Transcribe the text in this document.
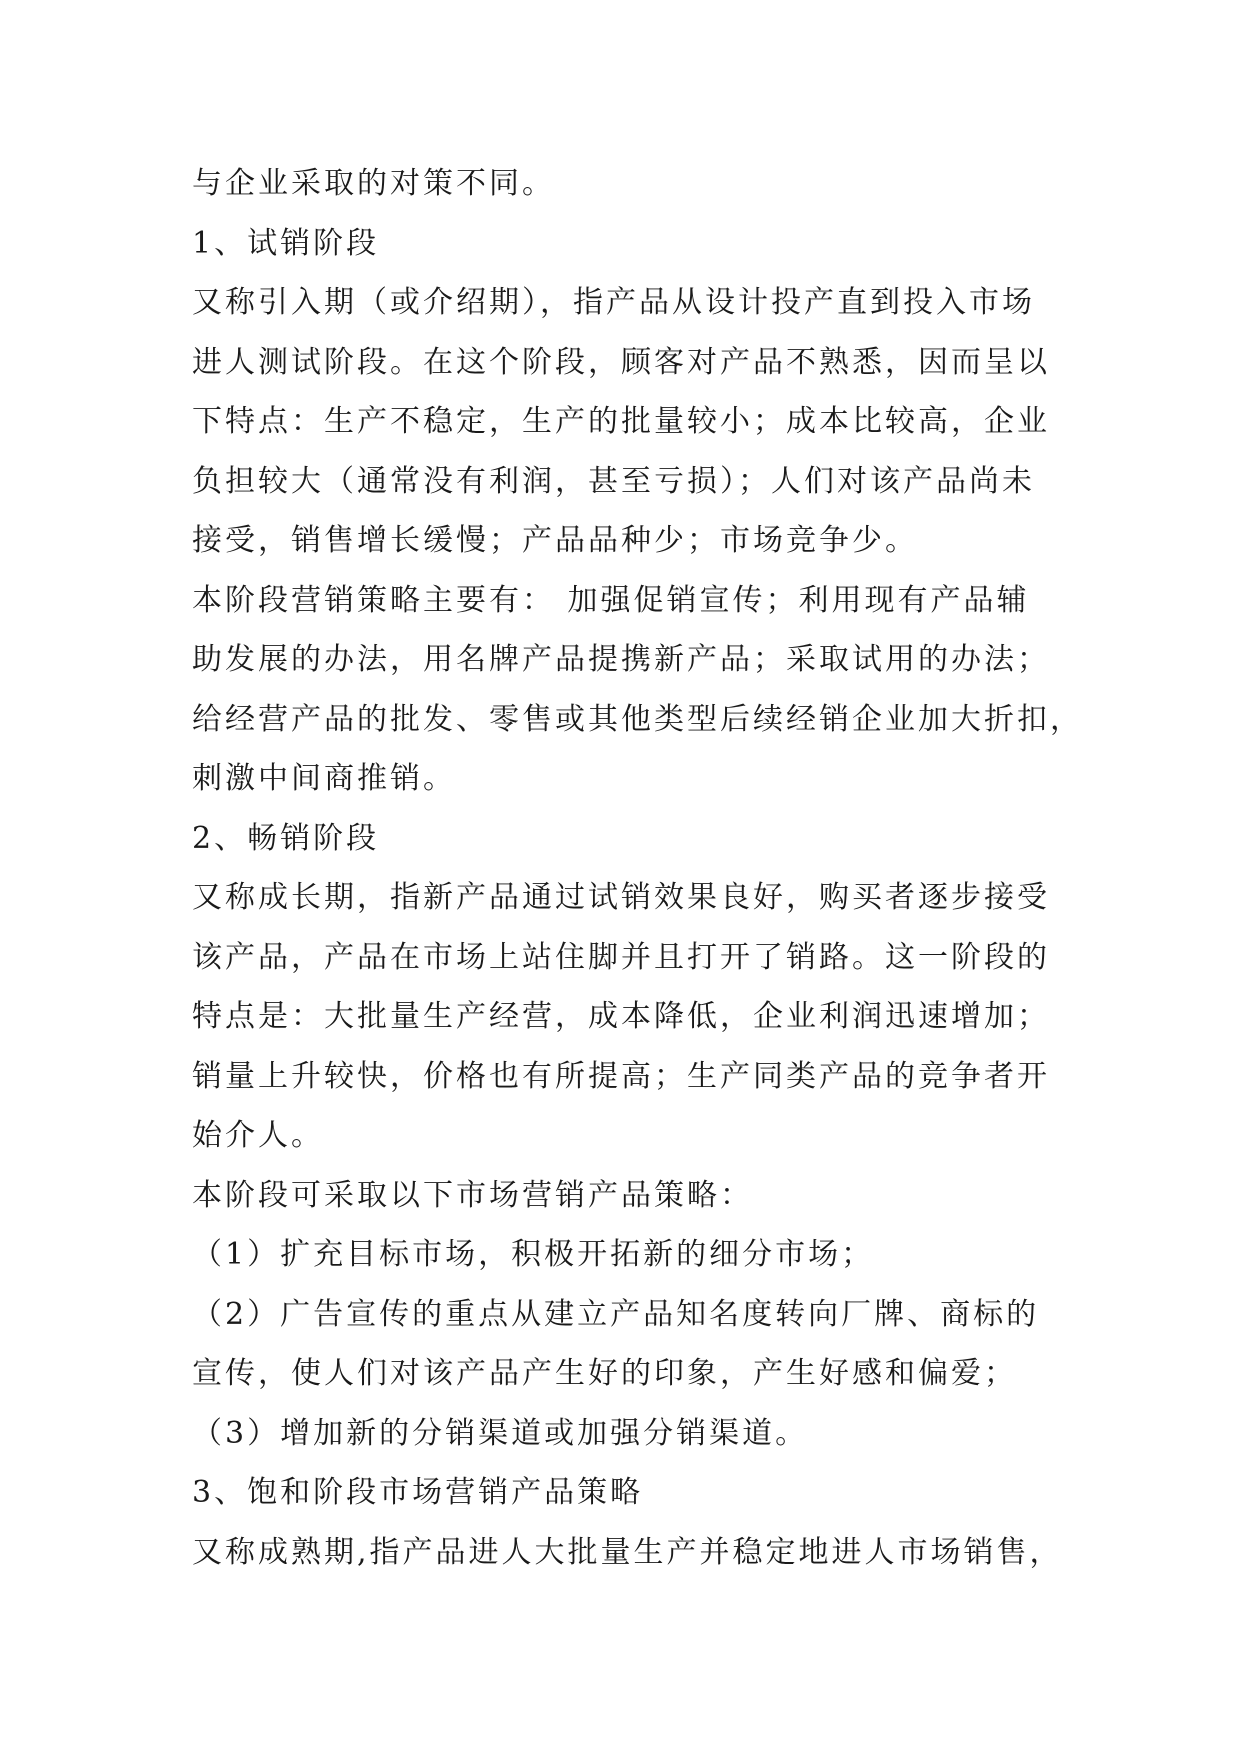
与企业采取的对策不同。
1、试销阶段
又称引入期（或介绍期），指产品从设计投产直到投入市场
进人测试阶段。在这个阶段，顾客对产品不熟悉，因而呈以
下特点：生产不稳定，生产的批量较小；成本比较高，企业
负担较大（通常没有利润，甚至亏损）；人们对该产品尚未
接受，销售增长缓慢；产品品种少；市场竞争少。
本阶段营销策略主要有： 加强促销宣传；利用现有产品辅
助发展的办法，用名牌产品提携新产品；采取试用的办法；
给经营产品的批发、零售或其他类型后续经销企业加大折扣，
刺激中间商推销。
2、畅销阶段
又称成长期，指新产品通过试销效果良好，购买者逐步接受
该产品，产品在市场上站住脚并且打开了销路。这一阶段的
特点是：大批量生产经营，成本降低，企业利润迅速增加；
销量上升较快，价格也有所提高；生产同类产品的竞争者开
始介人。
本阶段可采取以下市场营销产品策略：
（1）扩充目标市场，积极开拓新的细分市场；
（2）广告宣传的重点从建立产品知名度转向厂牌、商标的
宣传，使人们对该产品产生好的印象，产生好感和偏爱；
（3）增加新的分销渠道或加强分销渠道。
3、饱和阶段市场营销产品策略
又称成熟期,指产品进人大批量生产并稳定地进人市场销售，
